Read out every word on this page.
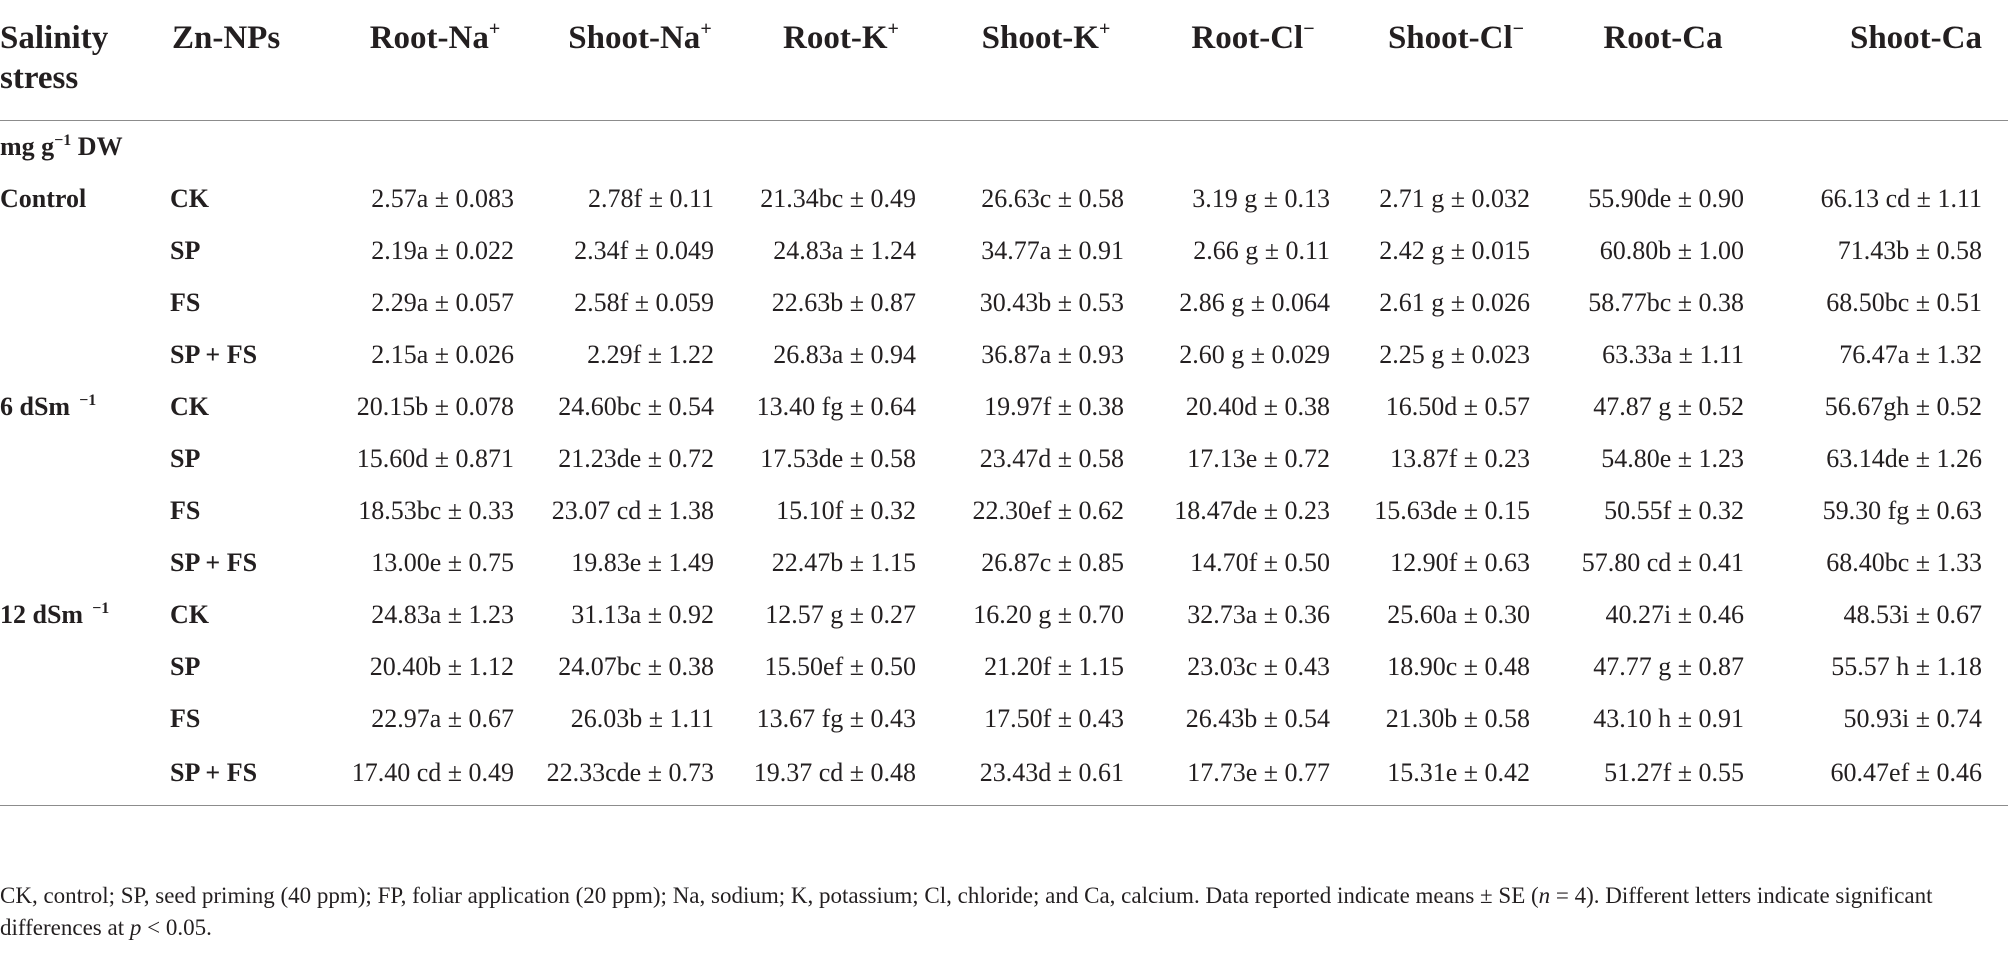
Salinity stress	Zn-NPs	Root-Na+	Shoot-Na+	Root-K+	Shoot-K+	Root-Cl−	Shoot-Cl−	Root-Ca	Shoot-Ca
mg $g^{-1}$ DW									
Control	CK	2.57a ± 0.083	2.78f ± 0.11	21.34bc ± 0.49	26.63c ± 0.58	3.19 g ± 0.13	2.71 g ± 0.032	55.90de ± 0.90	66.13 cd ± 1.11
	SP	2.19a ± 0.022	2.34f ± 0.049	24.83a ± 1.24	34.77a ± 0.91	2.66 g ± 0.11	2.42 g ± 0.015	60.80b ± 1.00	71.43b ± 0.58
	FS	2.29a ± 0.057	2.58f ± 0.059	22.63b ± 0.87	30.43b ± 0.53	2.86 g ± 0.064	2.61 g ± 0.026	58.77bc ± 0.38	68.50bc ± 0.51
	SP + FS	2.15a ± 0.026	2.29f ± 1.22	26.83a ± 0.94	36.87a ± 0.93	2.60 g ± 0.029	2.25 g ± 0.023	63.33a ± 1.11	76.47a ± 1.32
6 dSm $^{-1}$	CK	20.15b ± 0.078	24.60bc ± 0.54	13.40 fg ± 0.64	19.97f ± 0.38	20.40d ± 0.38	16.50d ± 0.57	47.87 g ± 0.52	56.67gh ± 0.52
	SP	15.60d ± 0.871	21.23de ± 0.72	17.53de ± 0.58	23.47d ± 0.58	17.13e ± 0.72	13.87f ± 0.23	54.80e ± 1.23	63.14de ± 1.26
	FS	18.53bc ± 0.33	23.07 cd ± 1.38	15.10f ± 0.32	22.30ef ± 0.62	18.47de ± 0.23	15.63de ± 0.15	50.55f ± 0.32	59.30 fg ± 0.63
	SP + FS	13.00e ± 0.75	19.83e ± 1.49	22.47b ± 1.15	26.87c ± 0.85	14.70f ± 0.50	12.90f ± 0.63	57.80 cd ± 0.41	68.40bc ± 1.33
12 dSm $^{-1}$	CK	24.83a ± 1.23	31.13a ± 0.92	12.57 g ± 0.27	16.20 g ± 0.70	32.73a ± 0.36	25.60a ± 0.30	40.27i ± 0.46	48.53i ± 0.67
	SP	20.40b ± 1.12	24.07bc ± 0.38	15.50ef ± 0.50	21.20f ± 1.15	23.03c ± 0.43	18.90c ± 0.48	47.77 g ± 0.87	55.57 h ± 1.18
	FS	22.97a ± 0.67	26.03b ± 1.11	13.67 fg ± 0.43	17.50f ± 0.43	26.43b ± 0.54	21.30b ± 0.58	43.10 h ± 0.91	50.93i ± 0.74
	SP + FS	17.40 cd ± 0.49	22.33cde ± 0.73	19.37 cd ± 0.48	23.43d ± 0.61	17.73e ± 0.77	15.31e ± 0.42	51.27f ± 0.55	60.47ef ± 0.46

CK, control; SP, seed priming (40 ppm); FP, foliar application (20 ppm); Na, sodium; K, potassium; Cl, chloride; and Ca, calcium. Data reported indicate means ± SE (n = 4). Different letters indicate significant differences at p < 0.05.
